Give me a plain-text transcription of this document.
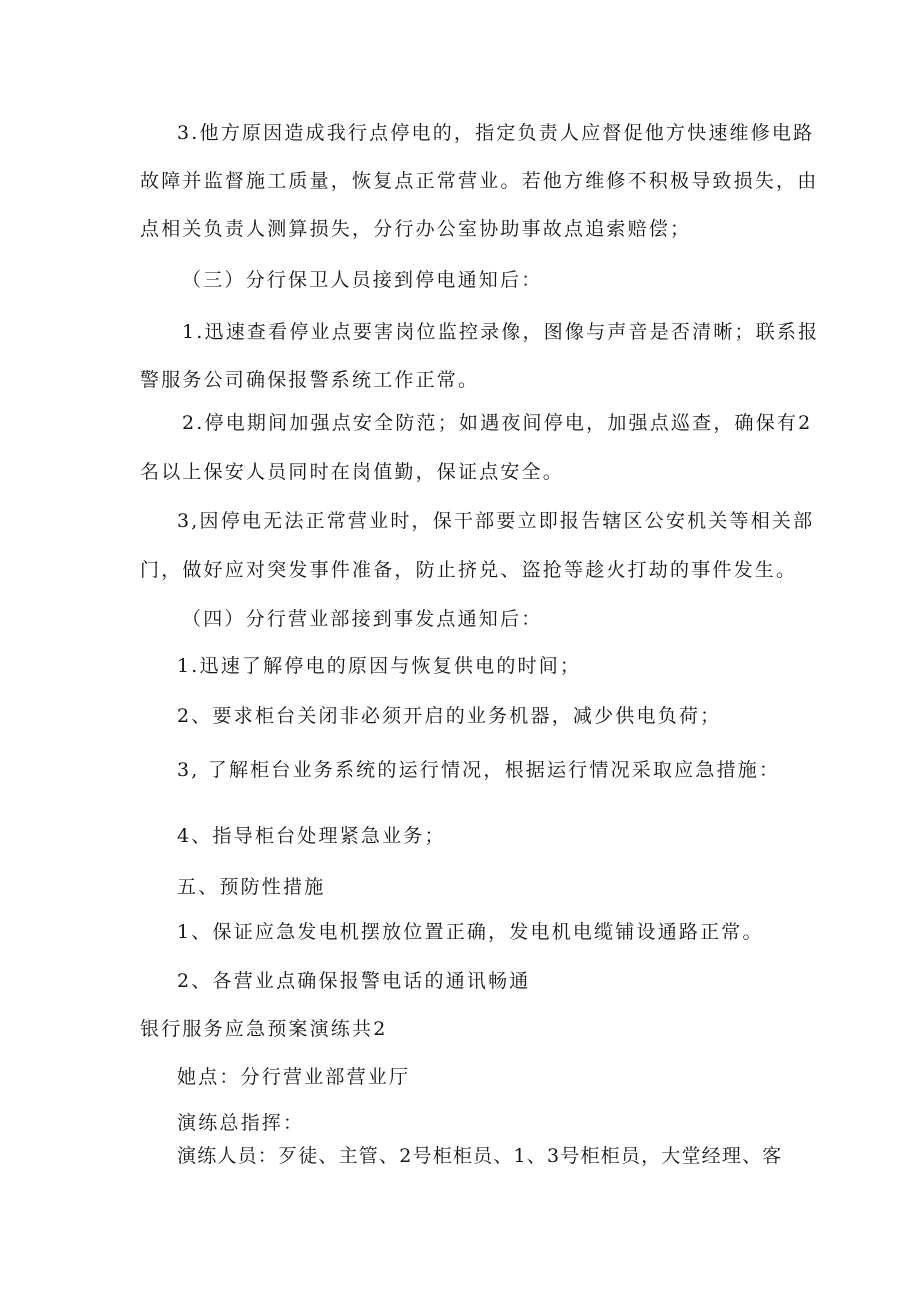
3.他方原因造成我行点停电的，指定负责人应督促他方快速维修电路
故障并监督施工质量，恢复点正常营业。若他方维修不积极导致损失，由
点相关负责人测算损失，分行办公室协助事故点追索赔偿；
（三）分行保卫人员接到停电通知后：
1.迅速查看停业点要害岗位监控录像，图像与声音是否清晰；联系报
警服务公司确保报警系统工作正常。
2.停电期间加强点安全防范；如遇夜间停电，加强点巡查，确保有2
名以上保安人员同时在岗值勤，保证点安全。
3,因停电无法正常营业时，保干部要立即报告辖区公安机关等相关部
门，做好应对突发事件准备，防止挤兑、盗抢等趁火打劫的事件发生。
（四）分行营业部接到事发点通知后：
1.迅速了解停电的原因与恢复供电的时间；
2、要求柜台关闭非必须开启的业务机器，减少供电负荷；
3, 了解柜台业务系统的运行情况，根据运行情况采取应急措施：
4、指导柜台处理紧急业务；
五、预防性措施
1、保证应急发电机摆放位置正确，发电机电缆铺设通路正常。
2、各营业点确保报警电话的通讯畅通
银行服务应急预案演练共2
她点：分行营业部营业厅
演练总指挥：
演练人员：歹徒、主管、2号柜柜员、1、3号柜柜员，大堂经理、客
